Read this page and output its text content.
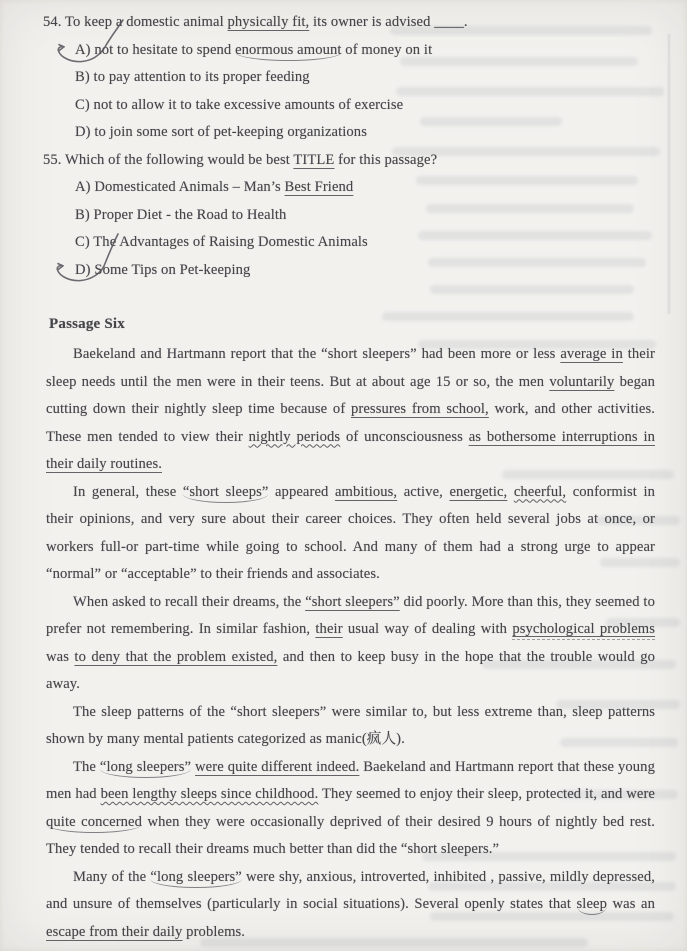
54. To keep a domestic animal physically fit, its owner is advised ____.
A) not to hesitate to spend enormous amount of money on it
B) to pay attention to its proper feeding
C) not to allow it to take excessive amounts of exercise
D) to join some sort of pet-keeping organizations
55. Which of the following would be best TITLE for this passage?
A) Domesticated Animals – Man’s Best Friend
B) Proper Diet - the Road to Health
C) The Advantages of Raising Domestic Animals
D) Some Tips on Pet-keeping

Passage Six

Baekeland and Hartmann report that the “short sleepers” had been more or less average in their sleep needs until the men were in their teens. But at about age 15 or so, the men voluntarily began cutting down their nightly sleep time because of pressures from school, work, and other activities. These men tended to view their nightly periods of unconsciousness as bothersome interruptions in their daily routines.

In general, these “short sleeps” appeared ambitious, active, energetic, cheerful, conformist in their opinions, and very sure about their career choices. They often held several jobs at once, or workers full-or part-time while going to school. And many of them had a strong urge to appear “normal” or “acceptable” to their friends and associates.

When asked to recall their dreams, the “short sleepers” did poorly. More than this, they seemed to prefer not remembering. In similar fashion, their usual way of dealing with psychological problems was to deny that the problem existed, and then to keep busy in the hope that the trouble would go away.

The sleep patterns of the “short sleepers” were similar to, but less extreme than, sleep patterns shown by many mental patients categorized as manic(疯人).

The “long sleepers” were quite different indeed. Baekeland and Hartmann report that these young men had been lengthy sleeps since childhood. They seemed to enjoy their sleep, protected it, and were quite concerned when they were occasionally deprived of their desired 9 hours of nightly bed rest. They tended to recall their dreams much better than did the “short sleepers.”

Many of the “long sleepers” were shy, anxious, introverted, inhibited , passive, mildly depressed, and unsure of themselves (particularly in social situations). Several openly states that sleep was an escape from their daily problems.
